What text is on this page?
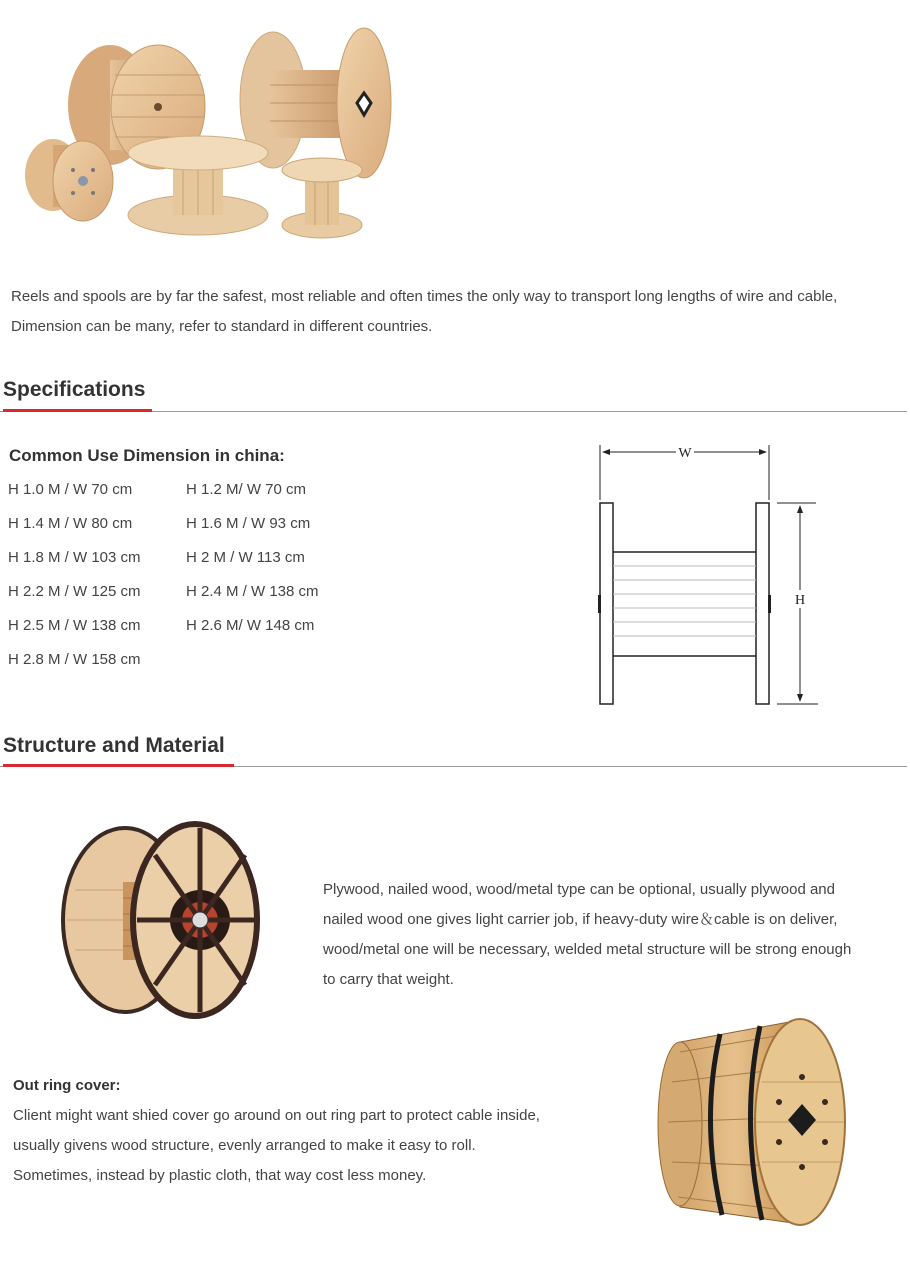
Reels and spools are by far the safest, most reliable and often times the only way to transport long lengths of wire and cable,

Dimension can be many, refer to standard in different countries.

Specifications
Common Use Dimension in china:
H 1.0 M / W 70 cm	H 1.2 M/ W 70 cm
H 1.4 M / W 80 cm	H 1.6 M / W 93 cm
H 1.8 M / W 103 cm	H 2 M / W 113 cm
H 2.2 M / W 125 cm	H 2.4 M / W 138 cm
H 2.5 M / W 138 cm	H 2.6 M/ W 148 cm
H 2.8 M / W 158 cm
W
H
Structure and Material

Plywood, nailed wood, wood/metal type can be optional, usually plywood and

nailed wood one gives light carrier job, if heavy-duty wire＆cable is on deliver,

wood/metal one will be necessary, welded metal structure will be strong enough

to carry that weight.

Out ring cover:

Client might want shied cover go around on out ring part to protect cable inside,

usually givens wood structure, evenly arranged to make it easy to roll.

Sometimes, instead by plastic cloth, that way cost less money.
